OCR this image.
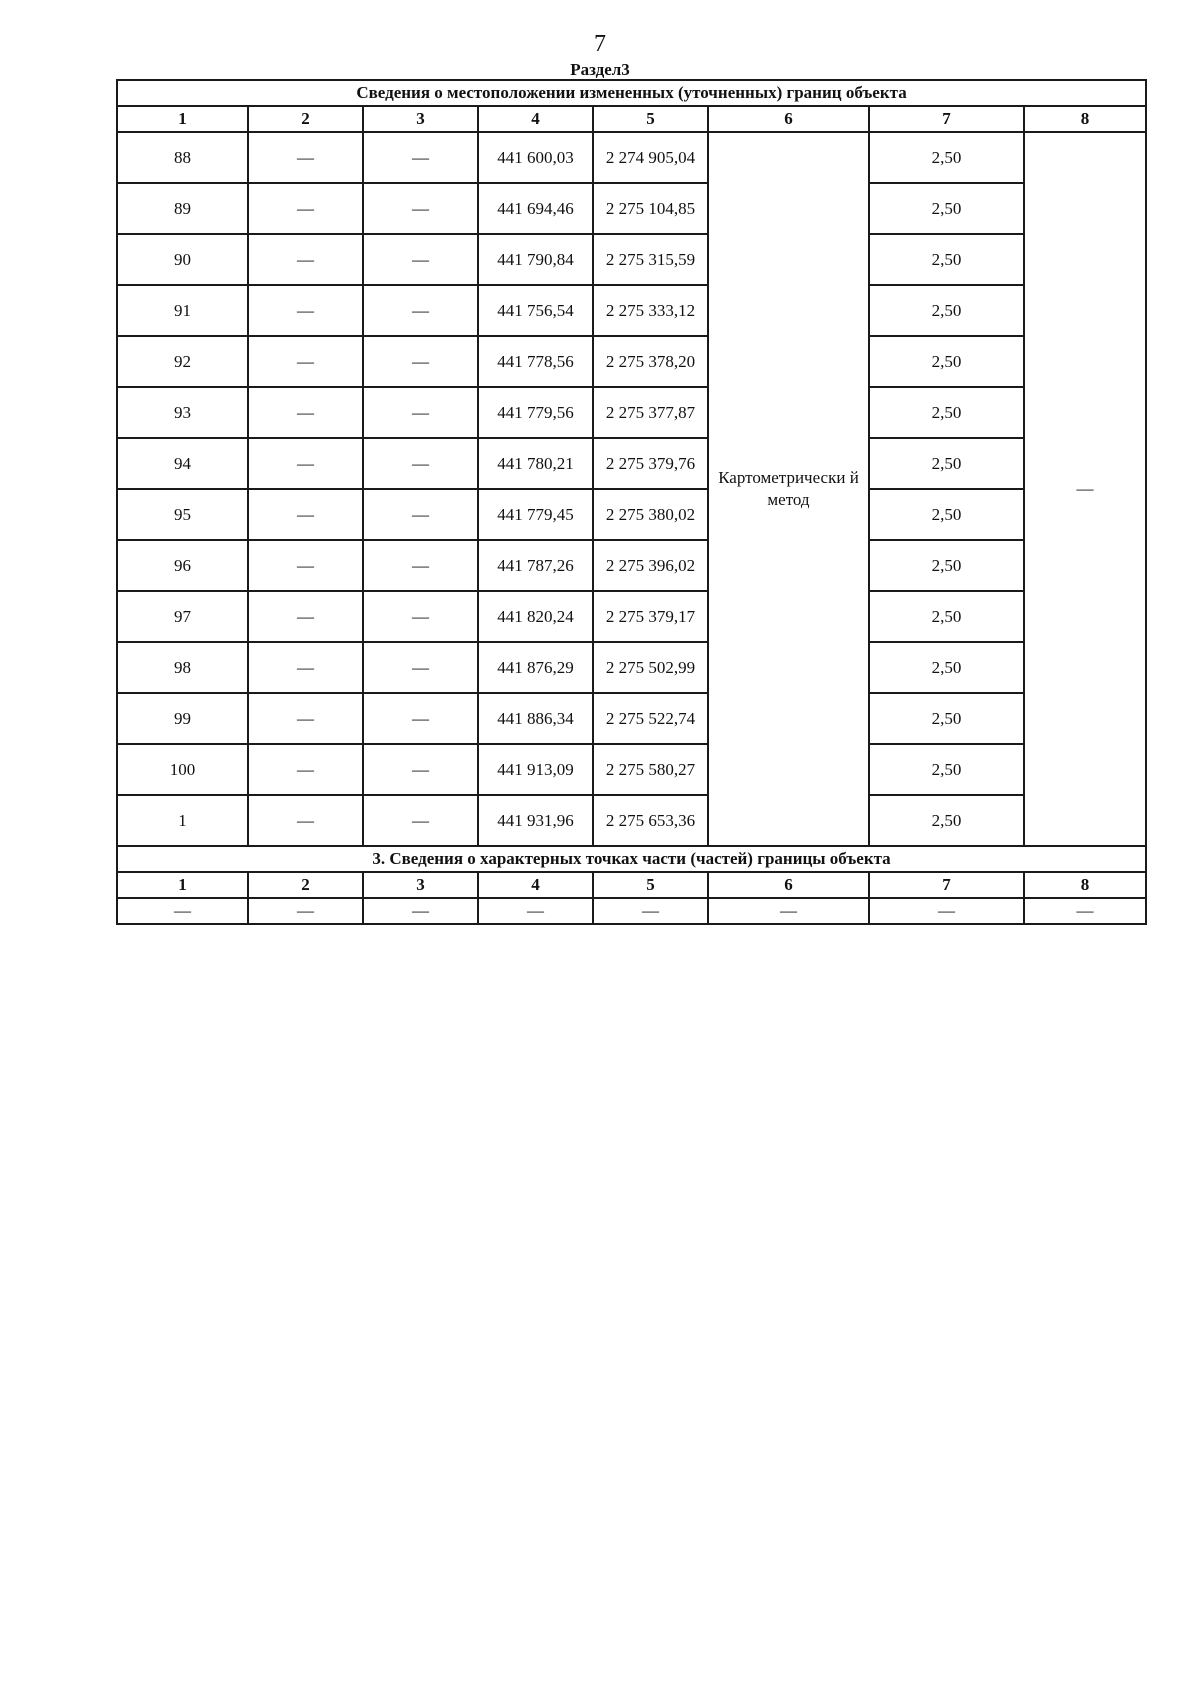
7
Раздел3
Сведения о местоположении измененных (уточненных) границ объекта							
1	2	3	4	5	6	7	8
88	—	—	441 600,03	2 274 905,04	Картометрически й метод	2,50	—
89	—	—	441 694,46	2 275 104,85		2,50	
90	—	—	441 790,84	2 275 315,59		2,50	
91	—	—	441 756,54	2 275 333,12		2,50	
92	—	—	441 778,56	2 275 378,20		2,50	
93	—	—	441 779,56	2 275 377,87		2,50	
94	—	—	441 780,21	2 275 379,76		2,50	
95	—	—	441 779,45	2 275 380,02		2,50	
96	—	—	441 787,26	2 275 396,02		2,50	
97	—	—	441 820,24	2 275 379,17		2,50	
98	—	—	441 876,29	2 275 502,99		2,50	
99	—	—	441 886,34	2 275 522,74		2,50	
100	—	—	441 913,09	2 275 580,27		2,50	
1	—	—	441 931,96	2 275 653,36		2,50	
3. Сведения о характерных точках части (частей) границы объекта							
1	2	3	4	5	6	7	8
—	—	—	—	—	—	—	—
